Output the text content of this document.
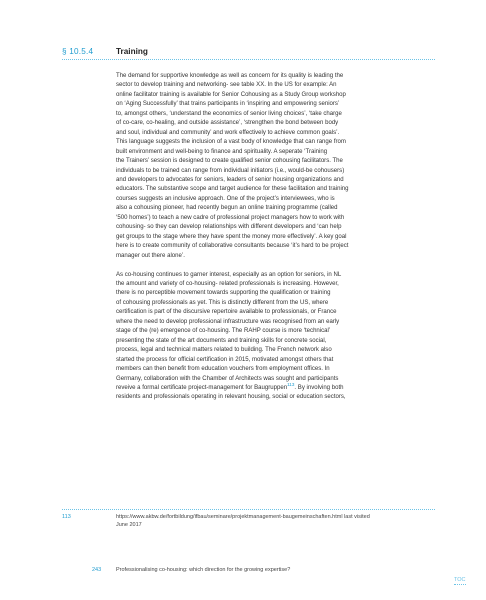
§ 10.5.4	Training

The demand for supportive knowledge as well as concern for its quality is leading the

sector to develop training and networking- see table XX. In the US for example: An

online facilitator training is available for Senior Cohousing as a Study Group workshop

on ‘Aging Successfully’ that trains participants in ‘inspiring and empowering seniors’

to, amongst others, ‘understand the economics of senior living choices’, ‘take charge

of co-care, co-healing, and outside assistance’, ‘strengthen the bond between body

and soul, individual and community’ and work effectively to achieve common goals’.

This language suggests the inclusion of a vast body of knowledge that can range from

built environment and well-being to finance and spirituality. A seperate ‘Training

the Trainers’ session is designed to create qualified senior cohousing facilitators. The

individuals to be trained can range from individual initiators (i.e., would-be cohousers)

and developers to advocates for seniors, leaders of senior housing organizations and

educators. The substantive scope and target audience for these facilitation and training

courses suggests an inclusive approach. One of the project’s interviewees, who is

also a cohousing pioneer, had recently begun an online training programme (called

‘500 homes’) to teach a new cadre of professional project managers how to work with

cohousing- so they can develop relationships with different developers and ‘can help

get groups to the stage where they have spent the money more effectively’. A key goal

here is to create community of collaborative consultants because ‘it’s hard to be project

manager out there alone’.

As co-housing continues to garner interest, especially as an option for seniors, in NL

the amount and variety of co-housing- related professionals is increasing. However,

there is no perceptible movement towards supporting the qualification or training

of cohousing professionals as yet. This is distinctly different from the US, where

certification is part of the discursive repertoire available to professionals, or France

where the need to develop professional infrastructure was recognised from an early

stage of the (re) emergence of co-housing. The RAHP course is more ‘technical’

presenting the state of the art documents and training skills for concrete social,

process, legal and technical matters related to building. The French network also

started the process for official certification in 2015, motivated amongst others that

members can then benefit from education vouchers from employment offices. In

Germany, collaboration with the Chamber of Architects was sought and participants

reveive a formal certificate project-management for Baugruppen$^{113}$. By involving both

residents and professionals operating in relevant housing, social or education sectors,

113	https://www.akbw.de/fortbildung/ifbau/seminare/projektmanagement-baugemeinschaften.html last visited

June 2017

243	Professionalising co-housing: which direction for the growing expertise?
TOC
